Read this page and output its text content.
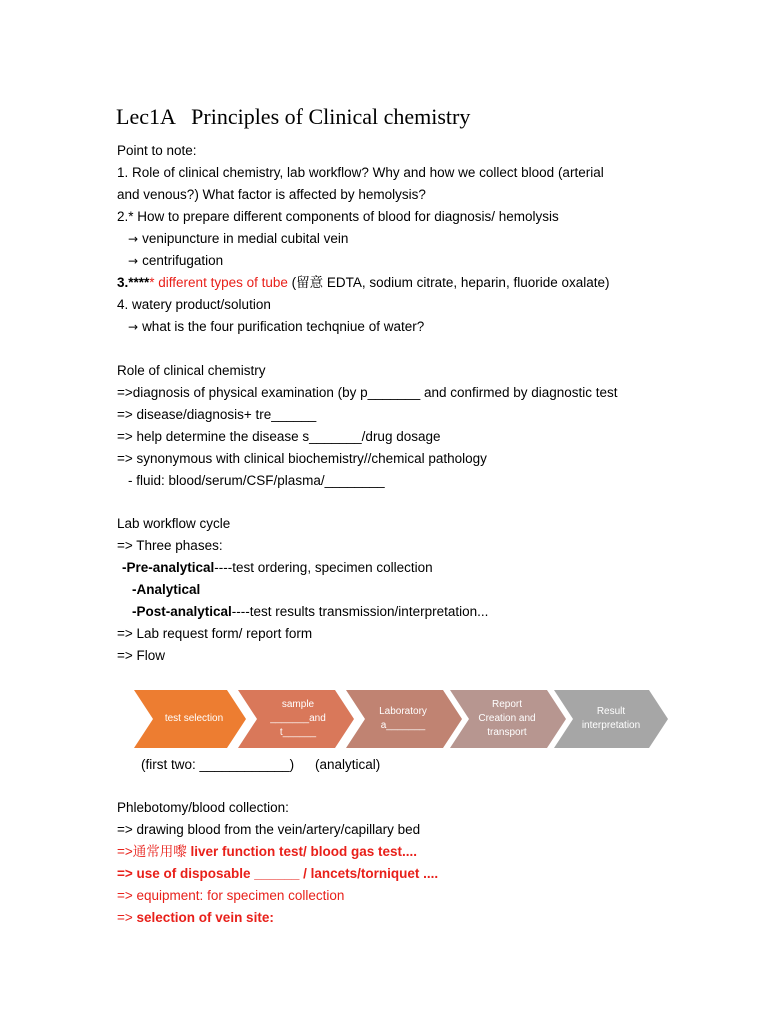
Lec1A   Principles of Clinical chemistry
Point to note:
1. Role of clinical chemistry, lab workflow? Why and how we collect blood (arterial
and venous?) What factor is affected by hemolysis?
2.* How to prepare different components of blood for diagnosis/ hemolysis
→ venipuncture in medial cubital vein
→ centrifugation
3.***** different types of tube (留意 EDTA, sodium citrate, heparin, fluoride oxalate)
4. watery product/solution
→ what is the four purification techqniue of water?
Role of clinical chemistry
=>diagnosis of physical examination (by p_______ and confirmed by diagnostic test
=> disease/diagnosis+ tre______
=> help determine the disease s_______/drug dosage
=> synonymous with clinical biochemistry//chemical pathology
- fluid: blood/serum/CSF/plasma/________
Lab workflow cycle
=> Three phases:
-Pre-analytical----test ordering, specimen collection
-Analytical
-Post-analytical----test results transmission/interpretation...
=> Lab request form/ report form
=> Flow
test selection
sample
_______and
t______
Laboratory
a_______
Report
Creation and
transport
Result
interpretation
(first two: ____________) (analytical)
Phlebotomy/blood collection:
=> drawing blood from the vein/artery/capillary bed
=>通常用嚟 liver function test/ blood gas test....
=> use of disposable ______ / lancets/torniquet ....
=> equipment: for specimen collection
=> selection of vein site:
